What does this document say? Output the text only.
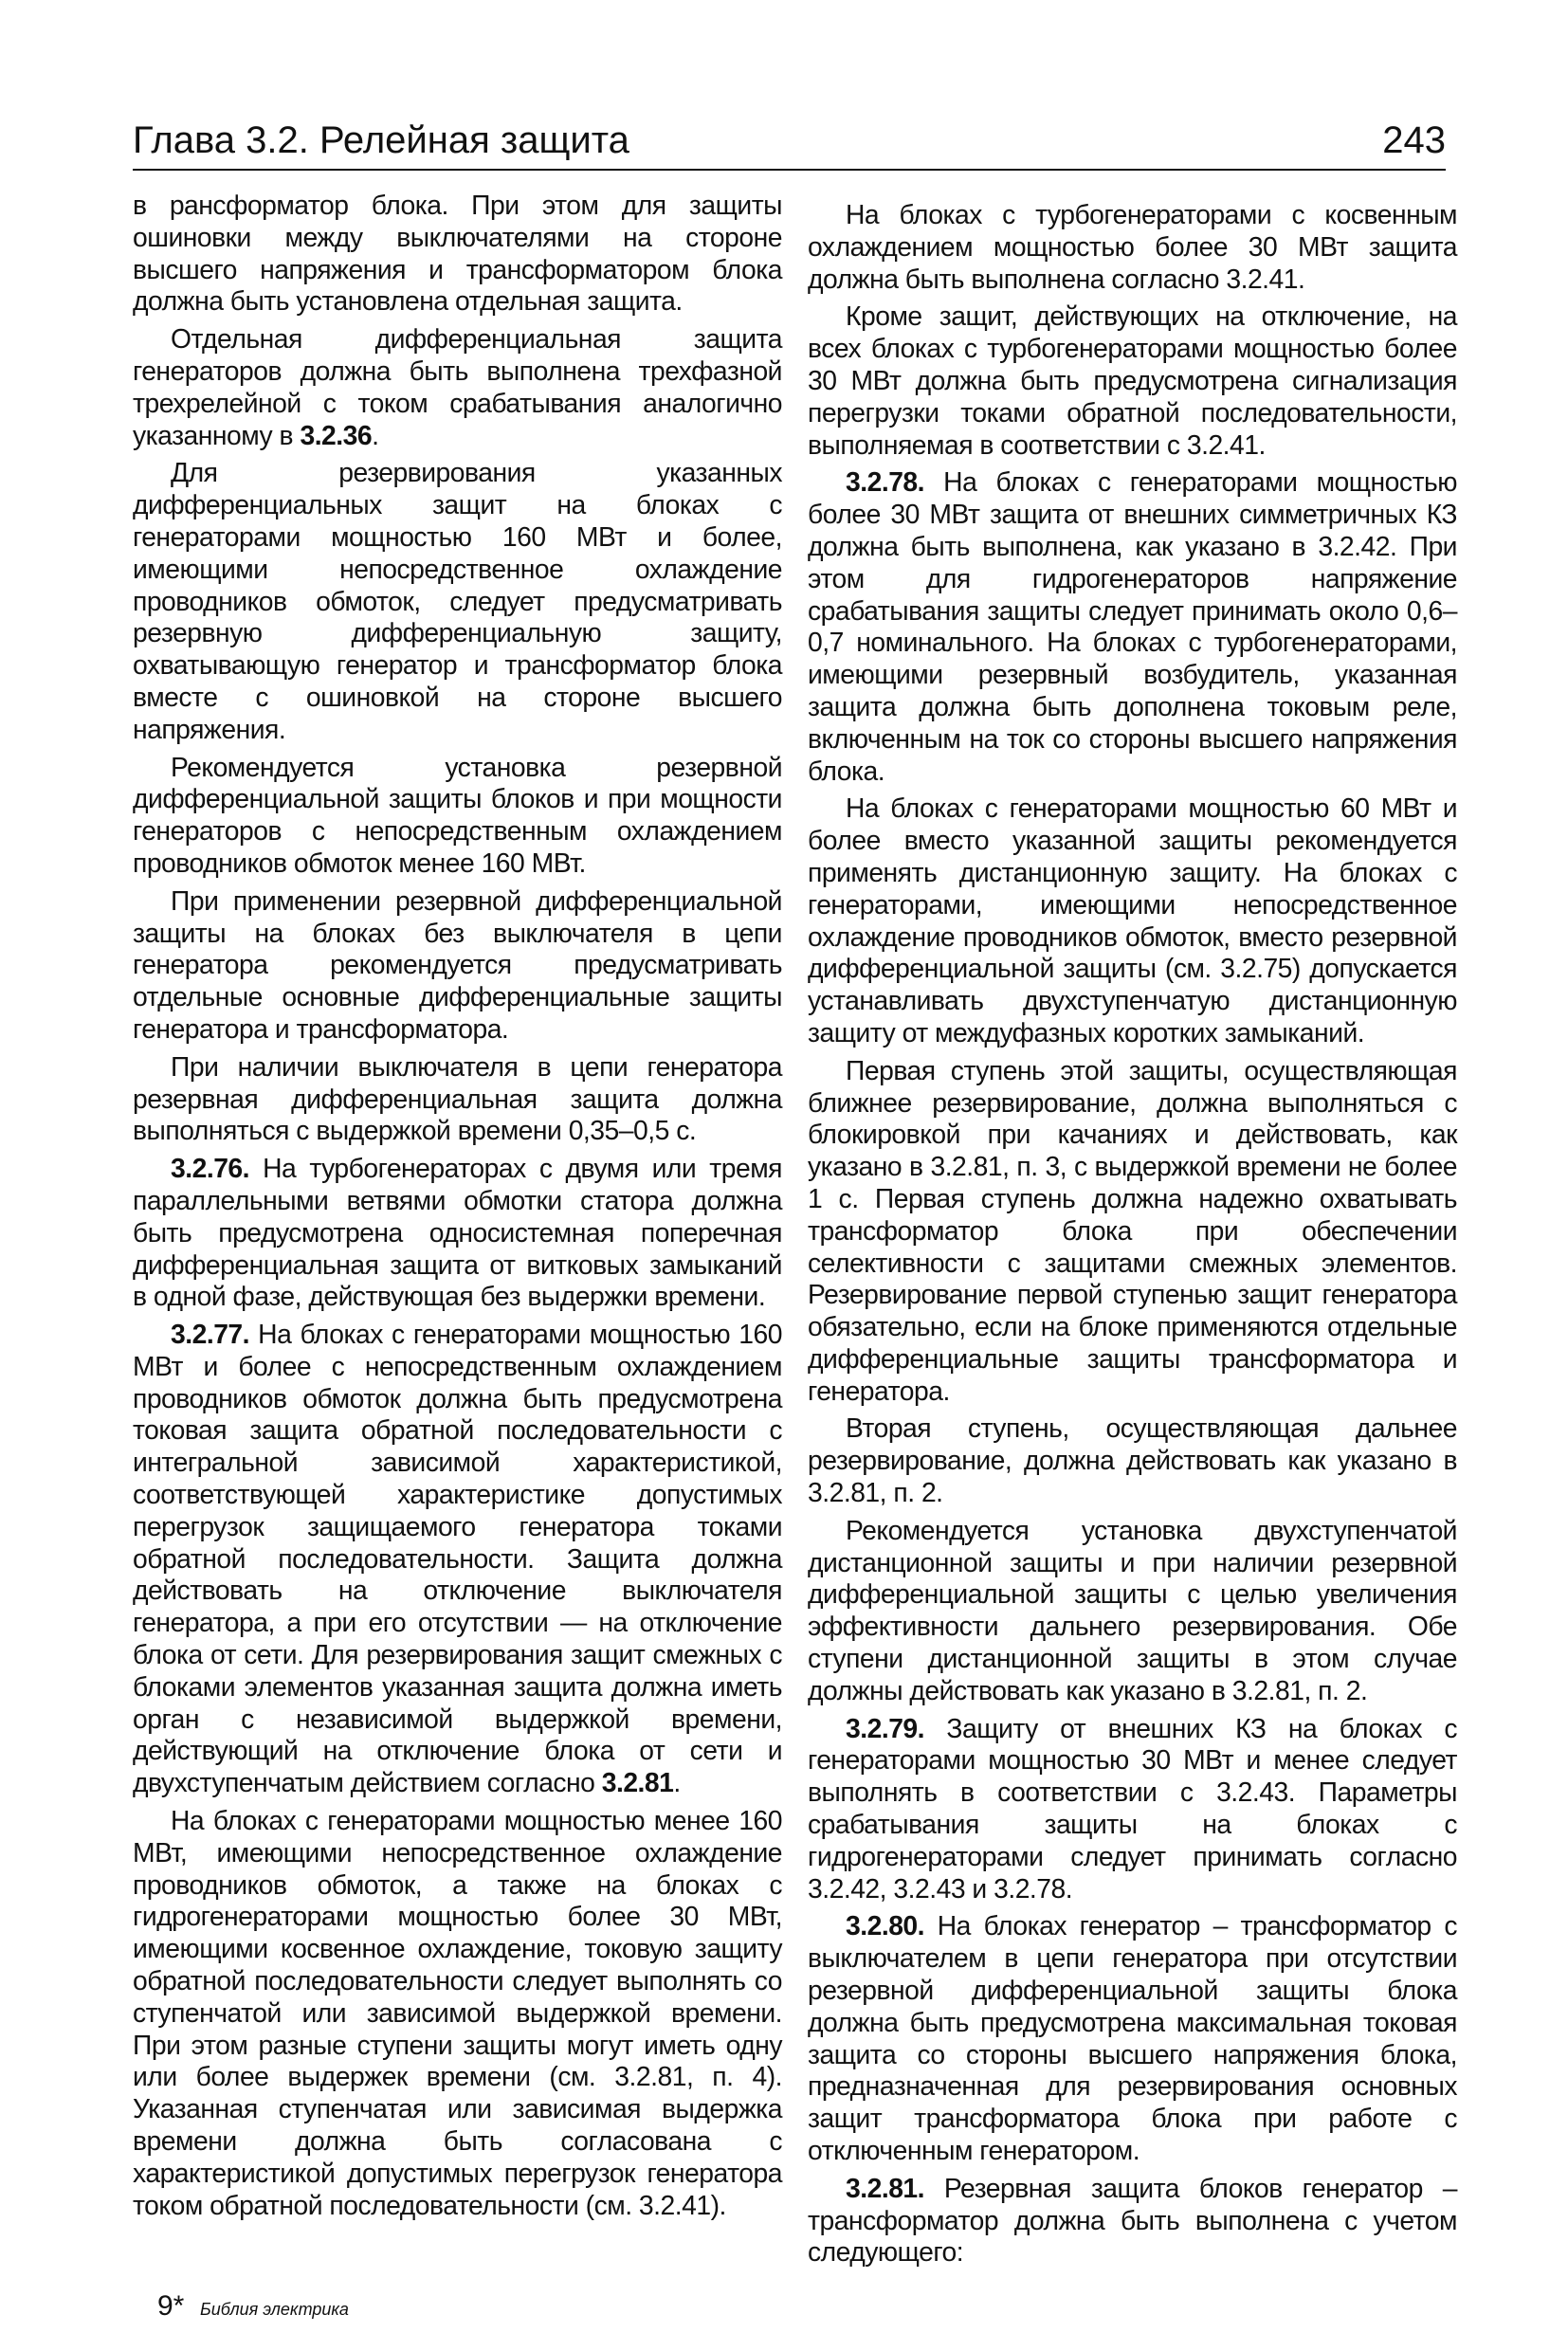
Глава 3.2. Релейная защита	243

в рансформатор блока. При этом для защиты ошиновки между выключателями на стороне высшего напряжения и трансформатором блока должна быть установлена отдельная защита.

Отдельная дифференциальная защита генераторов должна быть выполнена трехфазной трехрелейной с током срабатывания аналогично указанному в 3.2.36.

Для резервирования указанных дифференциальных защит на блоках с генераторами мощностью 160 МВт и более, имеющими непосредственное охлаждение проводников обмоток, следует предусматривать резервную дифференциальную защиту, охватывающую генератор и трансформатор блока вместе с ошиновкой на стороне высшего напряжения.

Рекомендуется установка резервной дифференциальной защиты блоков и при мощности генераторов с непосредственным охлаждением проводников обмоток менее 160 МВт.

При применении резервной дифференциальной защиты на блоках без выключателя в цепи генератора рекомендуется предусматривать отдельные основные дифференциальные защиты генератора и трансформатора.

При наличии выключателя в цепи генератора резервная дифференциальная защита должна выполняться с выдержкой времени 0,35–0,5 с.

3.2.76. На турбогенераторах с двумя или тремя параллельными ветвями обмотки статора должна быть предусмотрена односистемная поперечная дифференциальная защита от витковых замыканий в одной фазе, действующая без выдержки времени.

3.2.77. На блоках с генераторами мощностью 160 МВт и более с непосредственным охлаждением проводников обмоток должна быть предусмотрена токовая защита обратной последовательности с интегральной зависимой характеристикой, соответствующей характеристике допустимых перегрузок защищаемого генератора токами обратной последовательности. Защита должна действовать на отключение выключателя генератора, а при его отсутствии — на отключение блока от сети. Для резервирования защит смежных с блоками элементов указанная защита должна иметь орган с независимой выдержкой времени, действующий на отключение блока от сети и двухступенчатым действием согласно 3.2.81.

На блоках с генераторами мощностью менее 160 МВт, имеющими непосредственное охлаждение проводников обмоток, а также на блоках с гидрогенераторами мощностью более 30 МВт, имеющими косвенное охлаждение, токовую защиту обратной последовательности следует выполнять со ступенчатой или зависимой выдержкой времени. При этом разные ступени защиты могут иметь одну или более выдержек времени (см. 3.2.81, п. 4). Указанная ступенчатая или зависимая выдержка времени должна быть согласована с характеристикой допустимых перегрузок генератора током обратной последовательности (см. 3.2.41).

На блоках с турбогенераторами с косвенным охлаждением мощностью более 30 МВт защита должна быть выполнена согласно 3.2.41.

Кроме защит, действующих на отключение, на всех блоках с турбогенераторами мощностью более 30 МВт должна быть предусмотрена сигнализация перегрузки токами обратной последовательности, выполняемая в соответствии с 3.2.41.

3.2.78. На блоках с генераторами мощностью более 30 МВт защита от внешних симметричных КЗ должна быть выполнена, как указано в 3.2.42. При этом для гидрогенераторов напряжение срабатывания защиты следует принимать около 0,6–0,7 номинального. На блоках с турбогенераторами, имеющими резервный возбудитель, указанная защита должна быть дополнена токовым реле, включенным на ток со стороны высшего напряжения блока.

На блоках с генераторами мощностью 60 МВт и более вместо указанной защиты рекомендуется применять дистанционную защиту. На блоках с генераторами, имеющими непосредственное охлаждение проводников обмоток, вместо резервной дифференциальной защиты (см. 3.2.75) допускается устанавливать двухступенчатую дистанционную защиту от междуфазных коротких замыканий.

Первая ступень этой защиты, осуществляющая ближнее резервирование, должна выполняться с блокировкой при качаниях и действовать, как указано в 3.2.81, п. 3, с выдержкой времени не более 1 с. Первая ступень должна надежно охватывать трансформатор блока при обеспечении селективности с защитами смежных элементов. Резервирование первой ступенью защит генератора обязательно, если на блоке применяются отдельные дифференциальные защиты трансформатора и генератора.

Вторая ступень, осуществляющая дальнее резервирование, должна действовать как указано в 3.2.81, п. 2.

Рекомендуется установка двухступенчатой дистанционной защиты и при наличии резервной дифференциальной защиты с целью увеличения эффективности дальнего резервирования. Обе ступени дистанционной защиты в этом случае должны действовать как указано в 3.2.81, п. 2.

3.2.79. Защиту от внешних КЗ на блоках с генераторами мощностью 30 МВт и менее следует выполнять в соответствии с 3.2.43. Параметры срабатывания защиты на блоках с гидрогенераторами следует принимать согласно 3.2.42, 3.2.43 и 3.2.78.

3.2.80. На блоках генератор – трансформатор с выключателем в цепи генератора при отсутствии резервной дифференциальной защиты блока должна быть предусмотрена максимальная токовая защита со стороны высшего напряжения блока, предназначенная для резервирования основных защит трансформатора блока при работе с отключенным генератором.

3.2.81. Резервная защита блоков генератор – трансформатор должна быть выполнена с учетом следующего:

9* Библия электрика
